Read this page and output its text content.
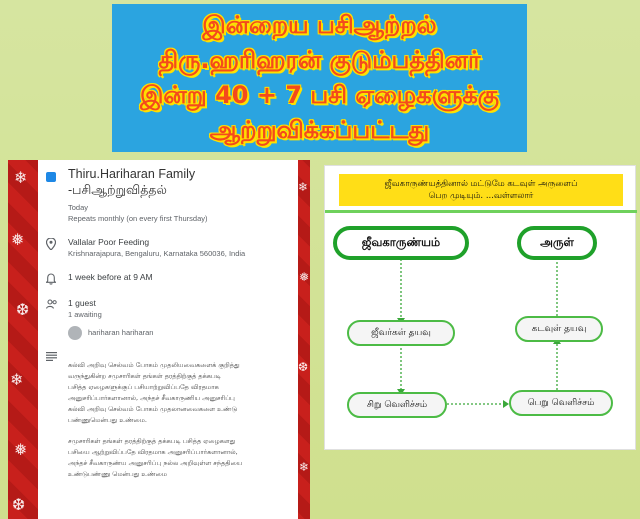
இன்றைய பசிஆற்றல்
திரு.ஹரிஹரன் குடும்பத்தினர்
இன்று 40 + 7 பசி ஏழைகளுக்கு
ஆற்றுவிக்கப்பட்டது
❄
❅
❆
❄
❅
❆
❄
❅
❆
❄
Thiru.Hariharan Family
-பசிஆற்றுவித்தல்
Today
Repeats monthly (on every first Thursday)
Vallalar Poor Feeding
Krishnarajapura, Bengaluru, Karnataka 560036, India
1 week before at 9 AM
1 guest
1 awaiting
hariharan hariharan
கல்வி அறிவு செல்வம் போகம் முதலியவைகளைக் குறித்து
வருந்துகின்ற சமுசாரிகள் தங்கள் தரத்திற்குத் தக்கபடி
பசித்த ஏழைகளுக்குப் பசியாற்றுவிப்பதே விரதமாக
அனுசரிப்பார்களானால், அந்தச் சீவகாருணிய அனுசரிப்பு
கல்வி அறிவு செல்வம் போகம் முதலானவைகளை உண்டு
பண்ணுமென்பது உண்மை.
சமுசாரிகள் தங்கள் தரத்திற்குத் தக்கபடி பசித்த ஏழைகளது
பசியை ஆற்றுவிப்பதே விரதமாக அனுசரிப்பார்களானால்,
அந்தச் சீவகாருண்ய அனுசரிப்பு நல்ல அறிவுள்ள சந்ததியை
உண்டுபண்ணு மென்பது உண்மை
ஜீவகாருண்யத்தினால் மட்டுமே கடவுள் அருளைப்
பெற முடியும். ...வள்ளலார்
ஜீவகாருண்யம்	அருள்
ஜீவர்கள் தயவு	கடவுள் தயவு
சிறு வெளிச்சம்	பெறு வெளிச்சம்
